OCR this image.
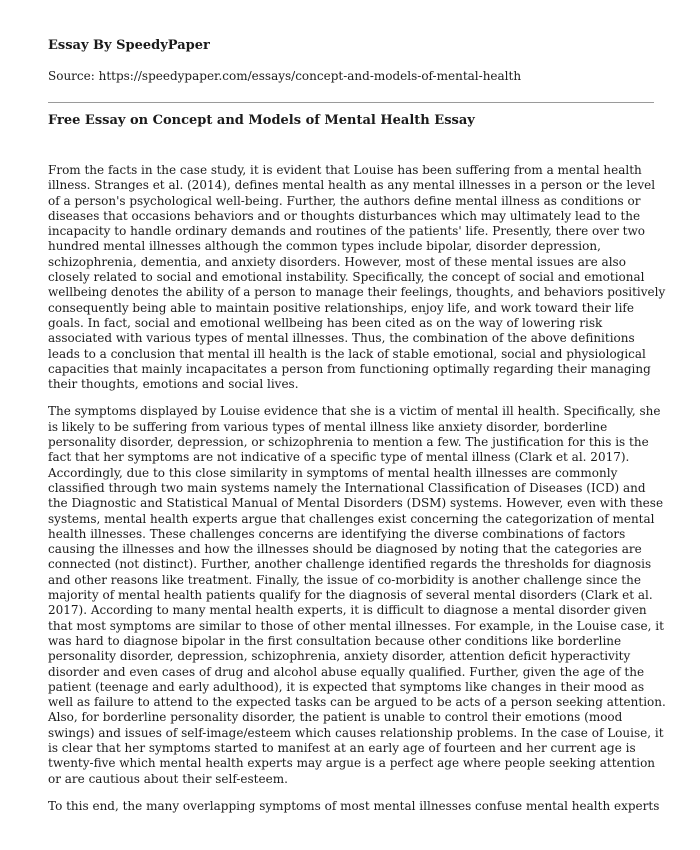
Essay By SpeedyPaper
Source: https://speedypaper.com/essays/concept-and-models-of-mental-health
Free Essay on Concept and Models of Mental Health Essay

From the facts in the case study, it is evident that Louise has been suffering from a mental health
illness. Stranges et al. (2014), defines mental health as any mental illnesses in a person or the level
of a person's psychological well-being. Further, the authors define mental illness as conditions or
diseases that occasions behaviors and or thoughts disturbances which may ultimately lead to the
incapacity to handle ordinary demands and routines of the patients' life. Presently, there over two
hundred mental illnesses although the common types include bipolar, disorder depression,
schizophrenia, dementia, and anxiety disorders. However, most of these mental issues are also
closely related to social and emotional instability. Specifically, the concept of social and emotional
wellbeing denotes the ability of a person to manage their feelings, thoughts, and behaviors positively
consequently being able to maintain positive relationships, enjoy life, and work toward their life
goals. In fact, social and emotional wellbeing has been cited as on the way of lowering risk
associated with various types of mental illnesses. Thus, the combination of the above definitions
leads to a conclusion that mental ill health is the lack of stable emotional, social and physiological
capacities that mainly incapacitates a person from functioning optimally regarding their managing
their thoughts, emotions and social lives.

The symptoms displayed by Louise evidence that she is a victim of mental ill health. Specifically, she
is likely to be suffering from various types of mental illness like anxiety disorder, borderline
personality disorder, depression, or schizophrenia to mention a few. The justification for this is the
fact that her symptoms are not indicative of a specific type of mental illness (Clark et al. 2017).
Accordingly, due to this close similarity in symptoms of mental health illnesses are commonly
classified through two main systems namely the International Classification of Diseases (ICD) and
the Diagnostic and Statistical Manual of Mental Disorders (DSM) systems. However, even with these
systems, mental health experts argue that challenges exist concerning the categorization of mental
health illnesses. These challenges concerns are identifying the diverse combinations of factors
causing the illnesses and how the illnesses should be diagnosed by noting that the categories are
connected (not distinct). Further, another challenge identified regards the thresholds for diagnosis
and other reasons like treatment. Finally, the issue of co-morbidity is another challenge since the
majority of mental health patients qualify for the diagnosis of several mental disorders (Clark et al.
2017). According to many mental health experts, it is difficult to diagnose a mental disorder given
that most symptoms are similar to those of other mental illnesses. For example, in the Louise case, it
was hard to diagnose bipolar in the first consultation because other conditions like borderline
personality disorder, depression, schizophrenia, anxiety disorder, attention deficit hyperactivity
disorder and even cases of drug and alcohol abuse equally qualified. Further, given the age of the
patient (teenage and early adulthood), it is expected that symptoms like changes in their mood as
well as failure to attend to the expected tasks can be argued to be acts of a person seeking attention.
Also, for borderline personality disorder, the patient is unable to control their emotions (mood
swings) and issues of self-image/esteem which causes relationship problems. In the case of Louise, it
is clear that her symptoms started to manifest at an early age of fourteen and her current age is
twenty-five which mental health experts may argue is a perfect age where people seeking attention
or are cautious about their self-esteem.

To this end, the many overlapping symptoms of most mental illnesses confuse mental health experts
